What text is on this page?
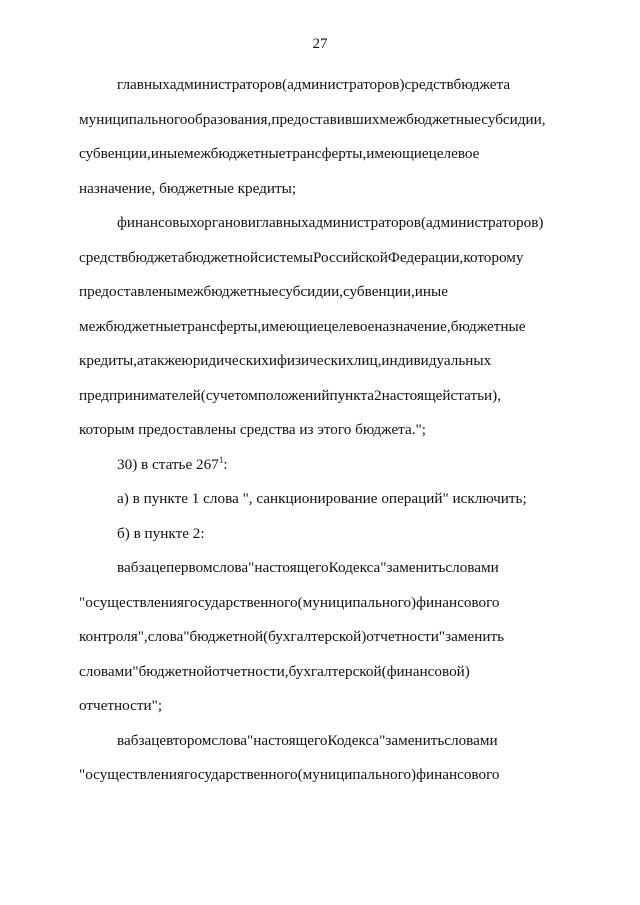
27
главныхадминистраторов(администраторов)средствбюджета
муниципальногообразования,предоставившихмежбюджетныесубсидии,
субвенции,иныемежбюджетныетрансферты,имеющиецелевое
назначение, бюджетные кредиты;
финансовыхоргановиглавныхадминистраторов(администраторов)
средствбюджетабюджетнойсистемыРоссийскойФедерации,которому
предоставленымежбюджетныесубсидии,субвенции,иные
межбюджетныетрансферты,имеющиецелевоеназначение,бюджетные
кредиты,атакжеюридическихифизическихлиц,индивидуальных
предпринимателей(сучетомположенийпункта2настоящейстатьи),
которым предоставлены средства из этого бюджета.";
30) в статье $267^1$:
а) в пункте 1 слова ", санкционирование операций" исключить;
б) в пункте 2:
вабзацепервомслова"настоящегоКодекса"заменитьсловами
"осуществлениягосударственного(муниципального)финансового
контроля",слова"бюджетной(бухгалтерской)отчетности"заменить
словами"бюджетнойотчетности,бухгалтерской(финансовой)
отчетности";
вабзацевторомслова"настоящегоКодекса"заменитьсловами
"осуществлениягосударственного(муниципального)финансового
